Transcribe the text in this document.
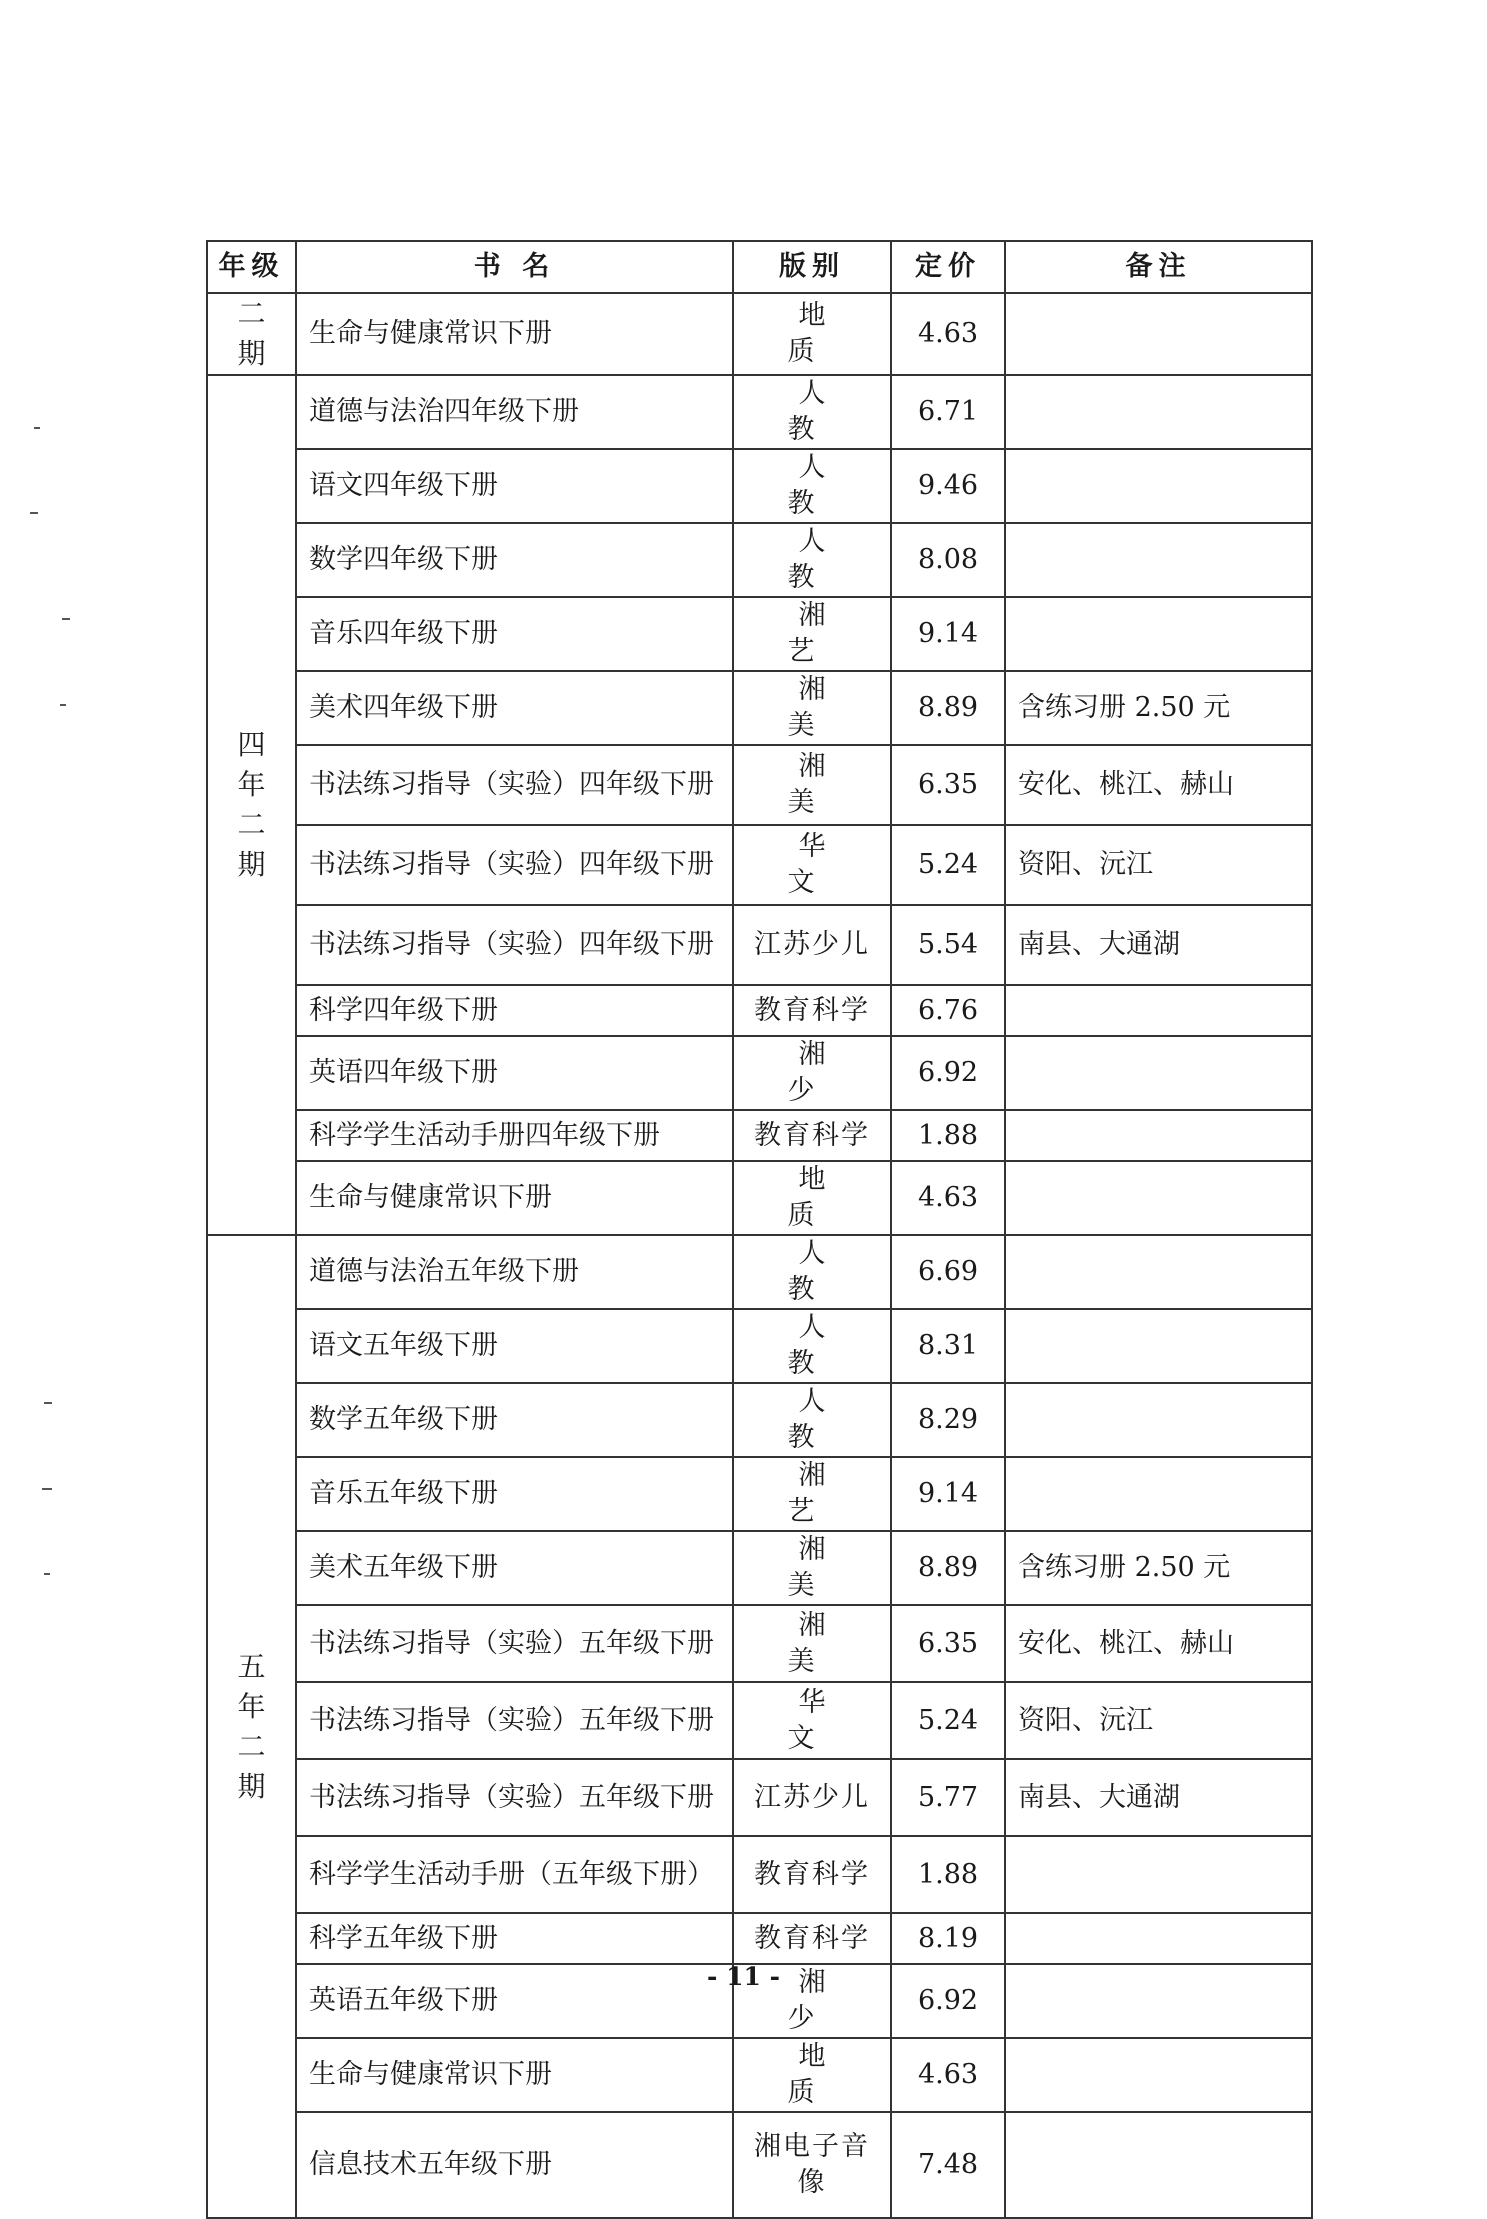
年级	书 名	版别	定价	备注

二
期	生命与健康常识下册	地 质	4.63	

四
年
二
期	道德与法治四年级下册	人 教	6.71	
	语文四年级下册	人 教	9.46	
	数学四年级下册	人 教	8.08	
	音乐四年级下册	湘 艺	9.14	
	美术四年级下册	湘 美	8.89	含练习册 2.50 元
	书法练习指导（实验）四年级下册	湘 美	6.35	安化、桃江、赫山
	书法练习指导（实验）四年级下册	华 文	5.24	资阳、沅江
	书法练习指导（实验）四年级下册	江苏少儿	5.54	南县、大通湖
	科学四年级下册	教育科学	6.76	
	英语四年级下册	湘 少	6.92	
	科学学生活动手册四年级下册	教育科学	1.88	
	生命与健康常识下册	地 质	4.63	

五
年
二
期	道德与法治五年级下册	人 教	6.69	
	语文五年级下册	人 教	8.31	
	数学五年级下册	人 教	8.29	
	音乐五年级下册	湘 艺	9.14	
	美术五年级下册	湘 美	8.89	含练习册 2.50 元
	书法练习指导（实验）五年级下册	湘 美	6.35	安化、桃江、赫山
	书法练习指导（实验）五年级下册	华 文	5.24	资阳、沅江
	书法练习指导（实验）五年级下册	江苏少儿	5.77	南县、大通湖
	科学学生活动手册（五年级下册）	教育科学	1.88	
	科学五年级下册	教育科学	8.19	
	英语五年级下册	湘 少	6.92	
	生命与健康常识下册	地 质	4.63	
	信息技术五年级下册	湘电子音像	7.48	
- 11 -
